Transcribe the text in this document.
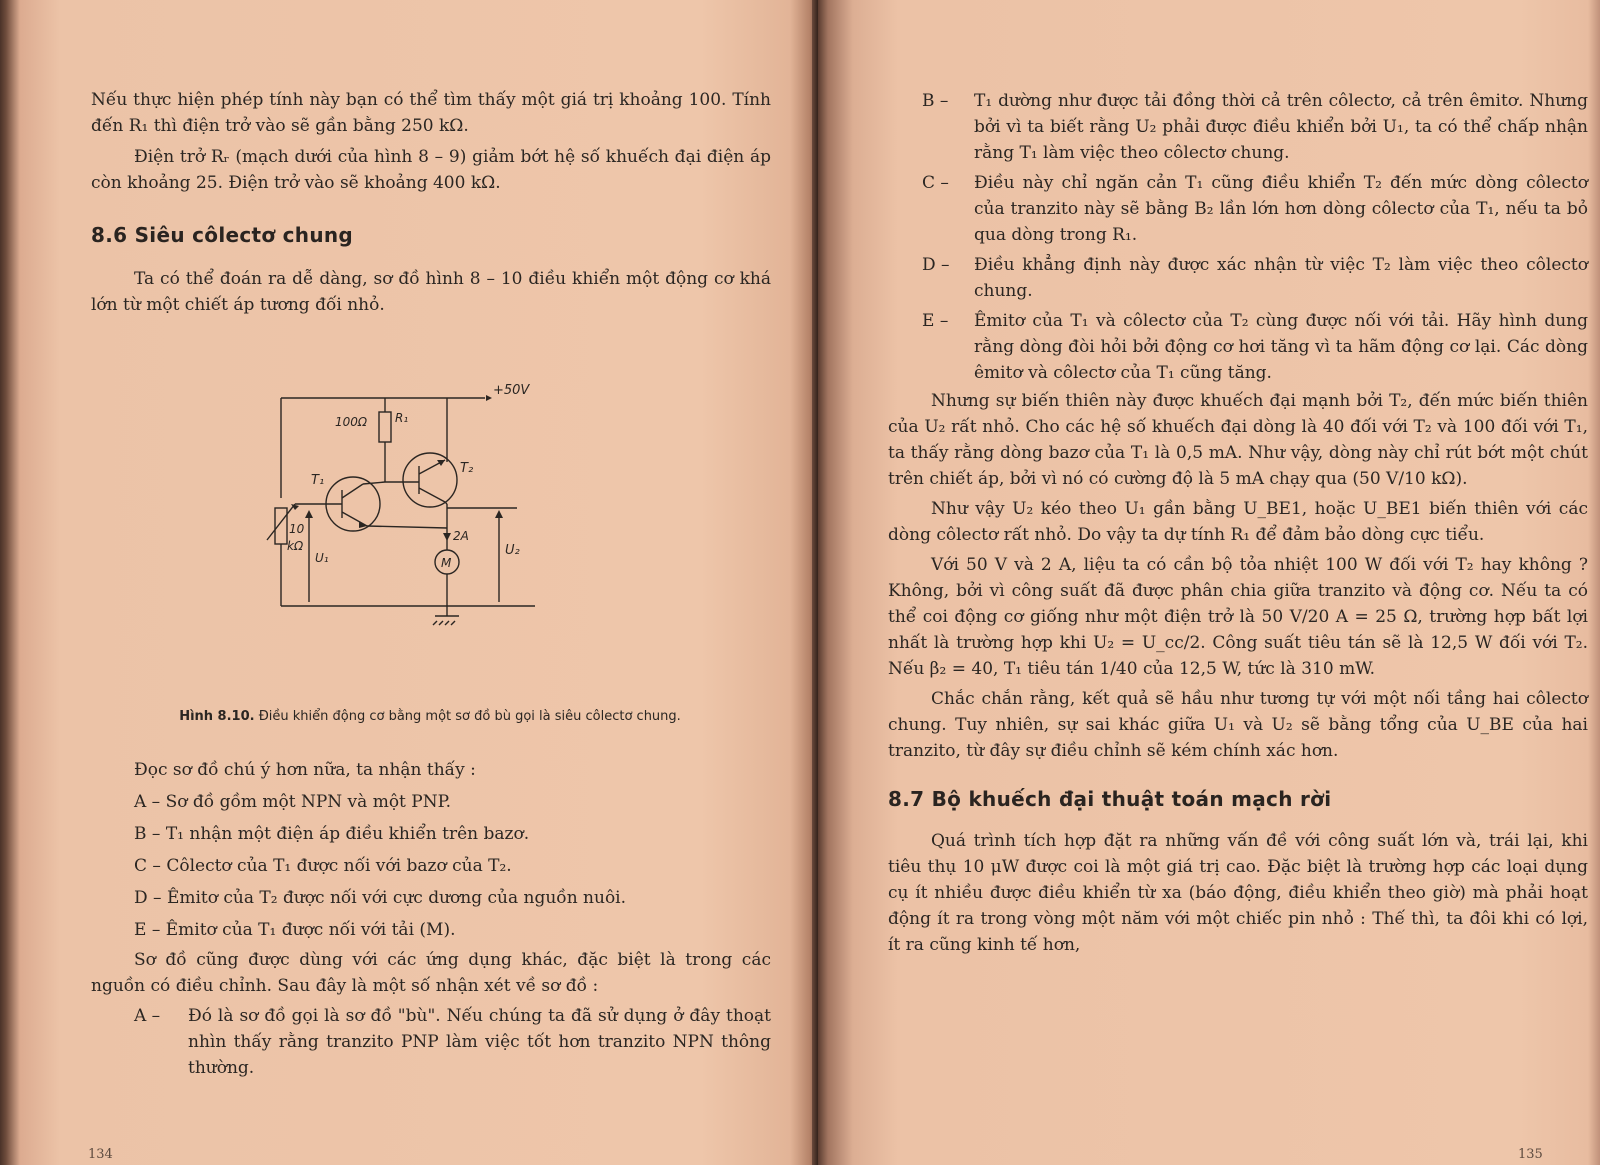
Nếu thực hiện phép tính này bạn có thể tìm thấy một giá trị khoảng 100. Tính đến R₁ thì điện trở vào sẽ gần bằng 250 kΩ.

Điện trở Rᵣ (mạch dưới của hình 8 – 9) giảm bớt hệ số khuếch đại điện áp còn khoảng 25. Điện trở vào sẽ khoảng 400 kΩ.

8.6 Siêu côlectơ chung

Ta có thể đoán ra dễ dàng, sơ đồ hình 8 – 10 điều khiển một động cơ khá lớn từ một chiết áp tương đối nhỏ.

+50V
100Ω R₁
T₁
T₂
10
kΩ
U₁	U₂
2A
M
Hình 8.10. Điều khiển động cơ bằng một sơ đồ bù gọi là siêu côlectơ chung.

Đọc sơ đồ chú ý hơn nữa, ta nhận thấy :

A – Sơ đồ gồm một NPN và một PNP.
B – T₁ nhận một điện áp điều khiển trên bazơ.
C – Côlectơ của T₁ được nối với bazơ của T₂.
D – Êmitơ của T₂ được nối với cực dương của nguồn nuôi.
E – Êmitơ của T₁ được nối với tải (M).

Sơ đồ cũng được dùng với các ứng dụng khác, đặc biệt là trong các nguồn có điều chỉnh. Sau đây là một số nhận xét về sơ đồ :

A – Đó là sơ đồ gọi là sơ đồ "bù". Nếu chúng ta đã sử dụng ở đây thoạt nhìn thấy rằng tranzito PNP làm việc tốt hơn tranzito NPN thông thường.
134
B – T₁ dường như được tải đồng thời cả trên côlectơ, cả trên êmitơ. Nhưng bởi vì ta biết rằng U₂ phải được điều khiển bởi U₁, ta có thể chấp nhận rằng T₁ làm việc theo côlectơ chung.
C – Điều này chỉ ngăn cản T₁ cũng điều khiển T₂ đến mức dòng côlectơ của tranzito này sẽ bằng B₂ lần lớn hơn dòng côlectơ của T₁, nếu ta bỏ qua dòng trong R₁.
D – Điều khẳng định này được xác nhận từ việc T₂ làm việc theo côlectơ chung.
E – Êmitơ của T₁ và côlectơ của T₂ cùng được nối với tải. Hãy hình dung rằng dòng đòi hỏi bởi động cơ hơi tăng vì ta hãm động cơ lại. Các dòng êmitơ và côlectơ của T₁ cũng tăng.

Nhưng sự biến thiên này được khuếch đại mạnh bởi T₂, đến mức biến thiên của U₂ rất nhỏ. Cho các hệ số khuếch đại dòng là 40 đối với T₂ và 100 đối với T₁, ta thấy rằng dòng bazơ của T₁ là 0,5 mA. Như vậy, dòng này chỉ rút bớt một chút trên chiết áp, bởi vì nó có cường độ là 5 mA chạy qua (50 V/10 kΩ).

Như vậy U₂ kéo theo U₁ gần bằng U_BE1, hoặc U_BE1 biến thiên với các dòng côlectơ rất nhỏ. Do vậy ta dự tính R₁ để đảm bảo dòng cực tiểu.

Với 50 V và 2 A, liệu ta có cần bộ tỏa nhiệt 100 W đối với T₂ hay không ? Không, bởi vì công suất đã được phân chia giữa tranzito và động cơ. Nếu ta có thể coi động cơ giống như một điện trở là 50 V/20 A = 25 Ω, trường hợp bất lợi nhất là trường hợp khi U₂ = U_cc/2. Công suất tiêu tán sẽ là 12,5 W đối với T₂. Nếu β₂ = 40, T₁ tiêu tán 1/40 của 12,5 W, tức là 310 mW.

Chắc chắn rằng, kết quả sẽ hầu như tương tự với một nối tầng hai côlectơ chung. Tuy nhiên, sự sai khác giữa U₁ và U₂ sẽ bằng tổng của U_BE của hai tranzito, từ đây sự điều chỉnh sẽ kém chính xác hơn.

8.7 Bộ khuếch đại thuật toán mạch rời

Quá trình tích hợp đặt ra những vấn đề với công suất lớn và, trái lại, khi tiêu thụ 10 μW được coi là một giá trị cao. Đặc biệt là trường hợp các loại dụng cụ ít nhiều được điều khiển từ xa (báo động, điều khiển theo giờ) mà phải hoạt động ít ra trong vòng một năm với một chiếc pin nhỏ : Thế thì, ta đôi khi có lợi, ít ra cũng kinh tế hơn,

135
